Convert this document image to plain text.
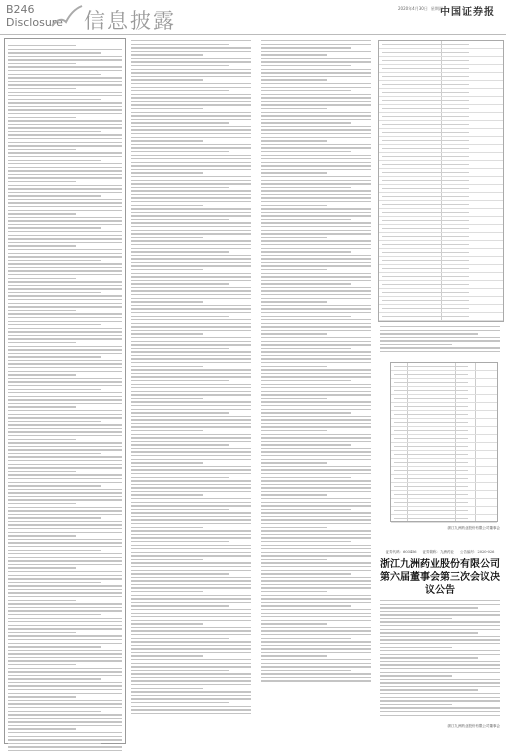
B246
Disclosure 信息披露
2020年4月30日 星期四
中国证券报
浙江九洲药业股份有限公司董事会
证券代码：603456 证券简称：九洲药业 公告编号：2020-026
浙江九洲药业股份有限公司
第六届董事会第三次会议决议公告
浙江九洲药业股份有限公司董事会
